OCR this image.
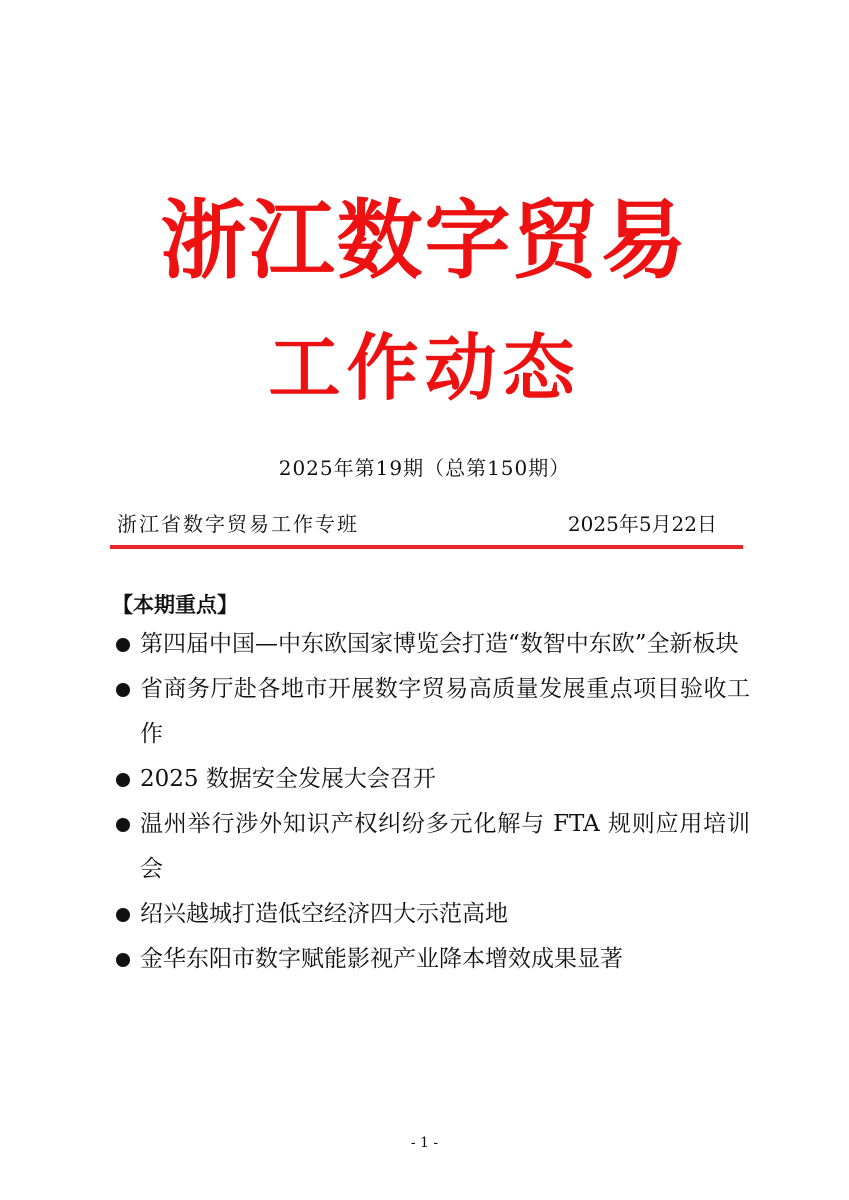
浙江数字贸易
工作动态
2025年第19期（总第150期）
浙江省数字贸易工作专班	2025年5月22日
【本期重点】
第四届中国—中东欧国家博览会打造“数智中东欧”全新板块
省商务厅赴各地市开展数字贸易高质量发展重点项目验收工作
2025 数据安全发展大会召开
温州举行涉外知识产权纠纷多元化解与 FTA 规则应用培训会
绍兴越城打造低空经济四大示范高地
金华东阳市数字赋能影视产业降本增效成果显著
- 1 -
